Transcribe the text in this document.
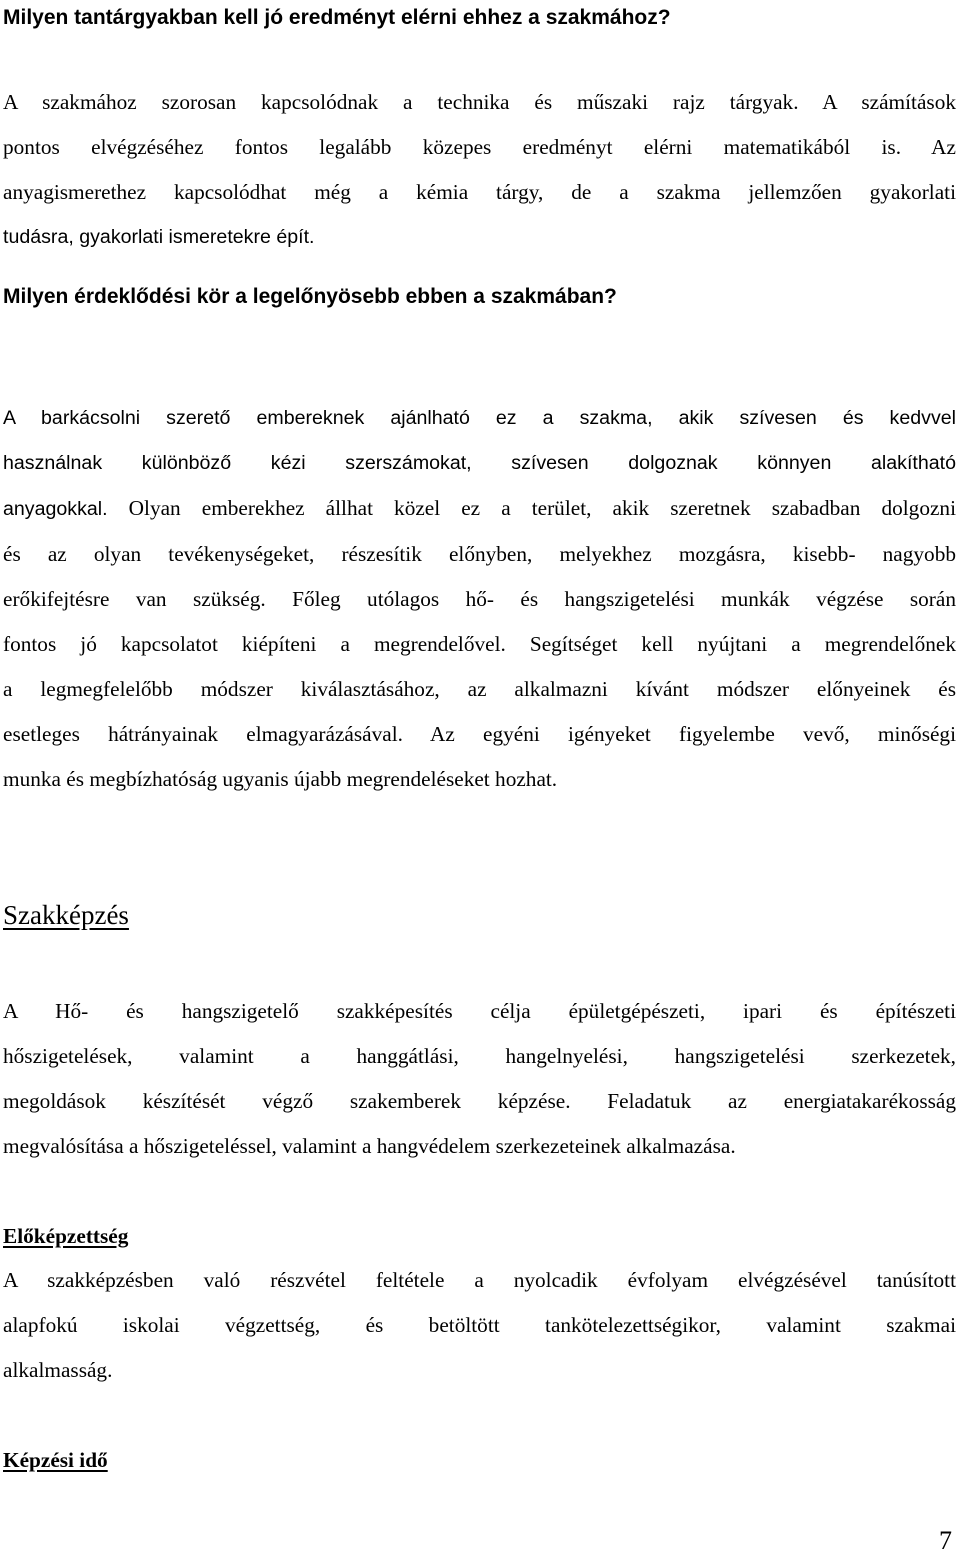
Milyen tantárgyakban kell jó eredményt elérni ehhez a szakmához?
A szakmához szorosan kapcsolódnak a technika és műszaki rajz tárgyak. A számítások
pontos elvégzéséhez fontos legalább közepes eredményt elérni matematikából is. Az
anyagismerethez kapcsolódhat még a kémia tárgy, de a szakma jellemzően gyakorlati
tudásra, gyakorlati ismeretekre épít.
Milyen érdeklődési kör a legelőnyösebb ebben a szakmában?
A barkácsolni szerető embereknek ajánlható ez a szakma, akik szívesen és kedvvel
használnak különböző kézi szerszámokat, szívesen dolgoznak könnyen alakítható
anyagokkal. Olyan emberekhez állhat közel ez a terület, akik szeretnek szabadban dolgozni
és az olyan tevékenységeket, részesítik előnyben, melyekhez mozgásra, kisebb- nagyobb
erőkifejtésre van szükség. Főleg utólagos hő- és hangszigetelési munkák végzése során
fontos jó kapcsolatot kiépíteni a megrendelővel. Segítséget kell nyújtani a megrendelőnek
a legmegfelelőbb módszer kiválasztásához, az alkalmazni kívánt módszer előnyeinek és
esetleges hátrányainak elmagyarázásával. Az egyéni igényeket figyelembe vevő, minőségi
munka és megbízhatóság ugyanis újabb megrendeléseket hozhat.
Szakképzés
A Hő- és hangszigetelő szakképesítés célja épületgépészeti, ipari és építészeti
hőszigetelések, valamint a hanggátlási, hangelnyelési, hangszigetelési szerkezetek,
megoldások készítését végző szakemberek képzése. Feladatuk az energiatakarékosság
megvalósítása a hőszigeteléssel, valamint a hangvédelem szerkezeteinek alkalmazása.
Előképzettség
A szakképzésben való részvétel feltétele a nyolcadik évfolyam elvégzésével tanúsított
alapfokú iskolai végzettség, és betöltött tankötelezettségikor, valamint szakmai
alkalmasság.
Képzési idő
7
